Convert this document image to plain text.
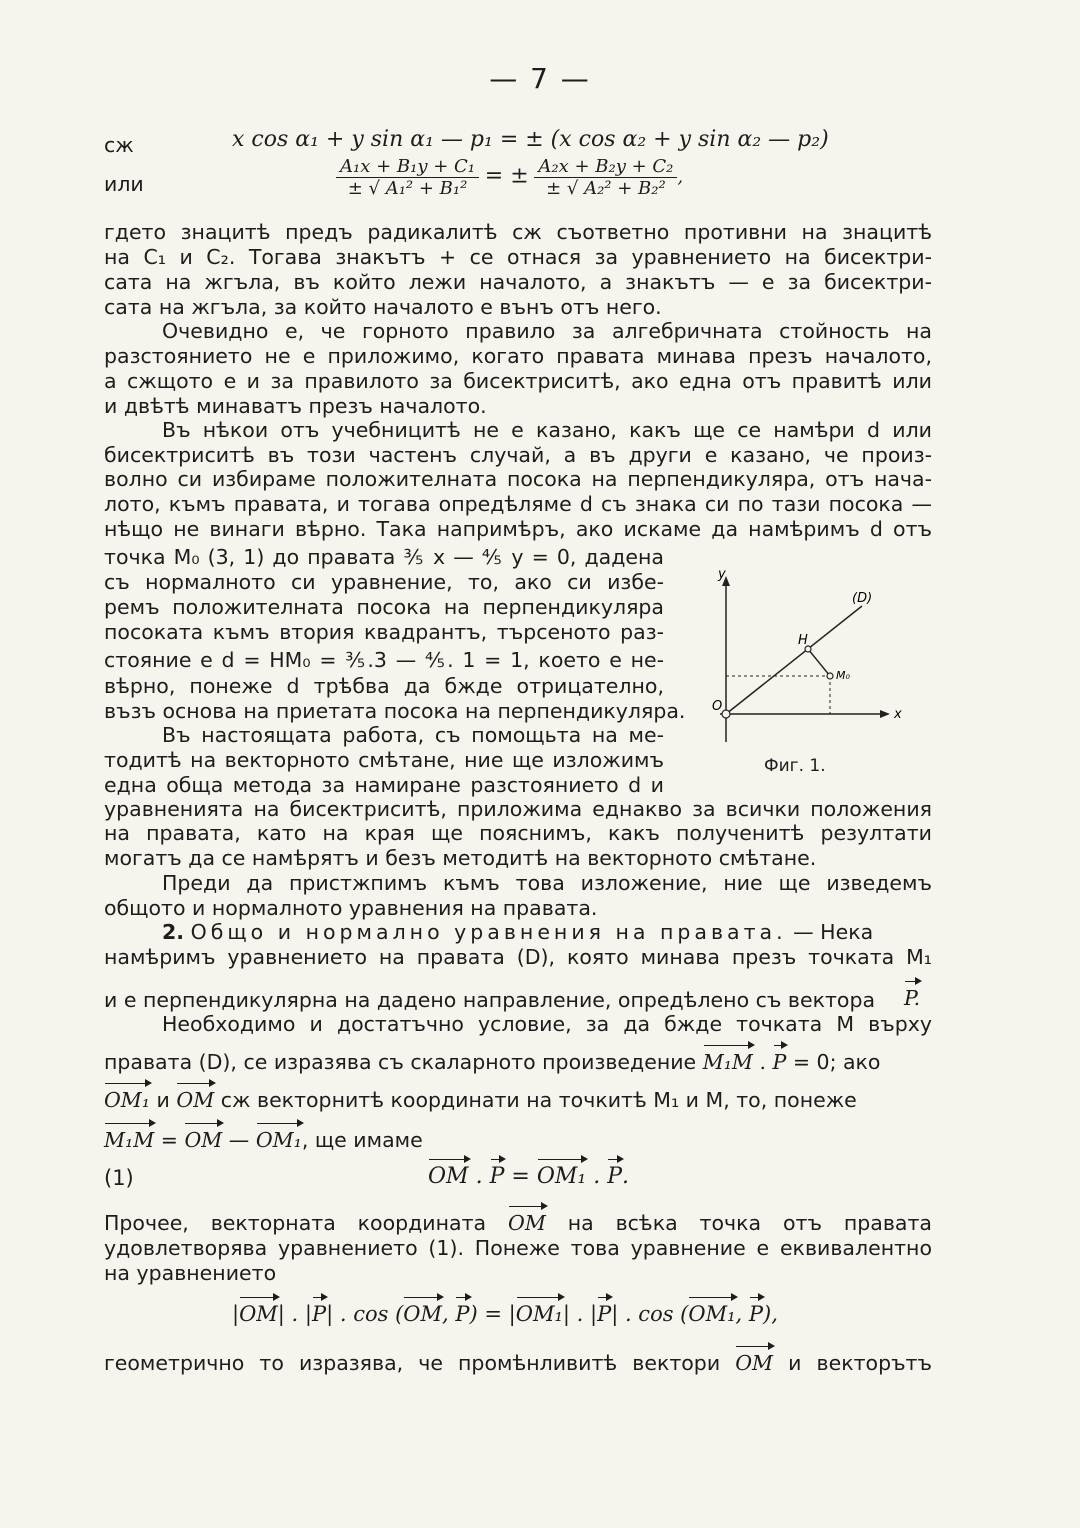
— 7 —
сж	x cos α₁ + y sin α₁ — p₁ = ± (x cos α₂ + y sin α₂ — p₂)
или	$\frac{\text{A₁x + B₁y + C₁}}{\text{± √ A₁² + B₁²}}$ = ± $\frac{\text{A₂x + B₂y + C₂}}{\text{± √ A₂² + B₂²}}$ ,
гдето знацитѣ предъ радикалитѣ сж съответно противни на знацитѣ
на C₁ и C₂. Тогава знакътъ + се отнася за уравнението на бисектри-
сата на жгъла, въ който лежи началото, а знакътъ — е за бисектри-
сата на жгъла, за който началото е вънъ отъ него.
Очевидно е, че горното правило за алгебричната стойность на
разстоянието не е приложимо, когато правата минава презъ началото,
а сжщото е и за правилото за бисектриситѣ, ако една отъ правитѣ или
и двѣтѣ минаватъ презъ началото.
Въ нѣкои отъ учебницитѣ не е казано, какъ ще се намѣри d или
бисектриситѣ въ този частенъ случай, а въ други е казано, че произ-
волно си избираме положителната посока на перпендикуляра, отъ нача-
лото, къмъ правата, и тогава опредѣляме d съ знака си по тази посока —
нѣщо не винаги вѣрно. Така напримѣръ, ако искаме да намѣримъ d отъ
точка M₀ (3, 1) до правата ⅗ x — ⅘ y = 0, дадена
съ нормалното си уравнение, то, ако си избе-
ремъ положителната посока на перпендикуляра
посоката къмъ втория квадрантъ, търсеното раз-
стояние е d = HM₀ = ⅗.3 — ⅘. 1 = 1, което е не-
вѣрно, понеже d трѣбва да бжде отрицателно,
възъ основа на приетата посока на перпендикуляра.
Въ настоящата работа, съ помощьта на ме-
тодитѣ на векторното смѣтане, ние ще изложимъ
една обща метода за намиране разстоянието d и
y
x
O
H
M₀
(D)
Фиг. 1.
уравненията на бисектриситѣ, приложима еднакво за всички положения
на правата, като на края ще пояснимъ, какъ полученитѣ резултати
могатъ да се намѣрятъ и безъ методитѣ на векторното смѣтане.
Преди да пристжпимъ къмъ това изложение, ние ще изведемъ
общото и нормалното уравнения на правата.
2. Общо и нормално уравнения на правата. — Нека
намѣримъ уравнението на правата (D), която минава презъ точката M₁
и е перпендикулярна на дадено направление, опредѣлено съ вектора P.
Необходимо и достатъчно условие, за да бжде точката M върху
правата (D), се изразява съ скаларното произведение M₁M . P = 0; ако
OM₁ и OM сж векторнитѣ координати на точкитѣ M₁ и M, то, понеже
M₁M = OM — OM₁, ще имаме
(1)	OM . P = OM₁ . P.
Прочее, векторната координата OM на всѣка точка отъ правата
удовлетворява уравнението (1). Понеже това уравнение е еквивалентно
на уравнението
|OM| . |P| . cos (OM, P) = |OM₁| . |P| . cos (OM₁, P),
геометрично то изразява, че промѣнливитѣ вектори OM и векторътъ
